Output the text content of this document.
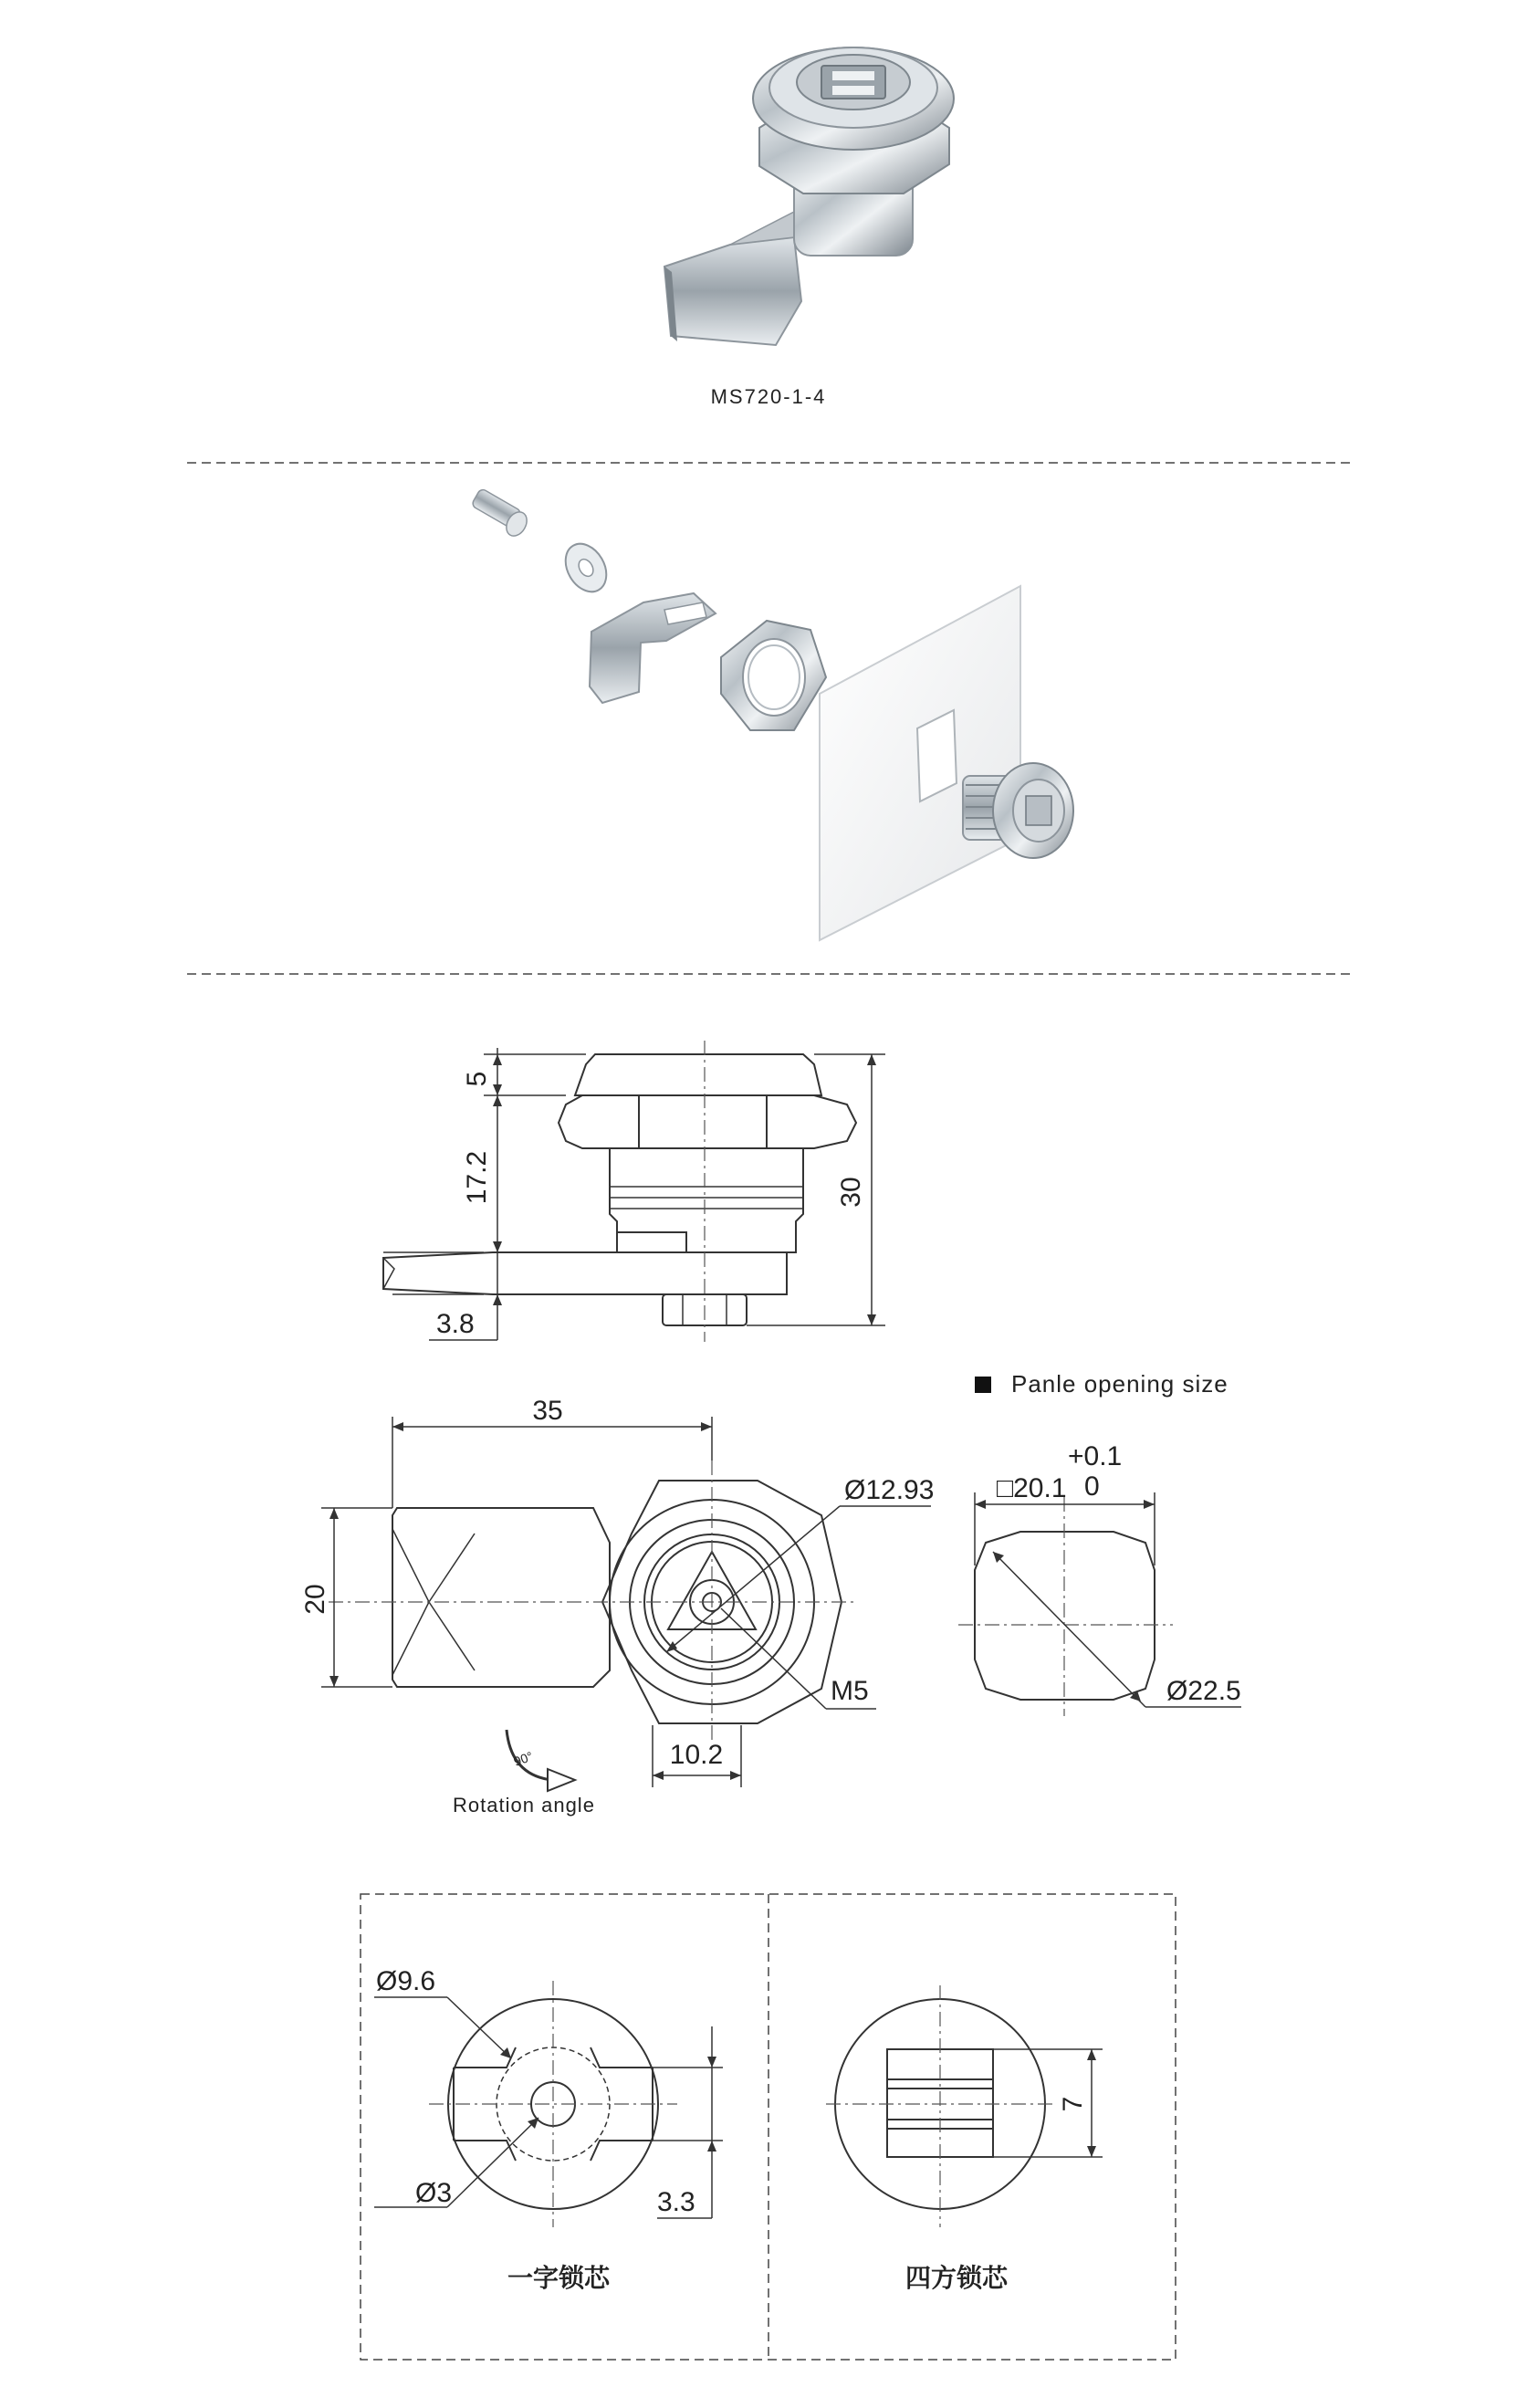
MS720-1-4
5
17.2	30
3.8
35
20
Ø12.93
M5
10.2
90°
Rotation angle
Panle opening size
□20.1
+0.1
0
Ø22.5
Ø9.6
Ø3	3.3
一字锁芯
7
四方锁芯
